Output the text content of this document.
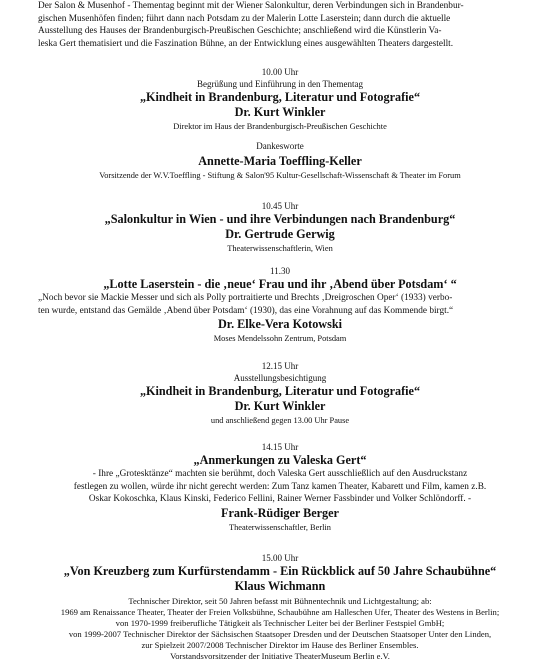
Der Salon & Musenhof - Thementag beginnt mit der Wiener Salonkultur, deren Verbindungen sich in Brandenbur-
gischen Musenhöfen finden; führt dann nach Potsdam zu der Malerin Lotte Laserstein; dann durch die aktuelle
Ausstellung des Hauses der Brandenburgisch-Preußischen Geschichte; anschließend wird die Künstlerin Va-
leska Gert thematisiert und die Faszination Bühne, an der Entwicklung eines ausgewählten Theaters dargestellt.
10.00 Uhr
Begrüßung und Einführung in den Thementag
„Kindheit in Brandenburg, Literatur und Fotografie“
Dr. Kurt Winkler
Direktor im Haus der Brandenburgisch-Preußischen Geschichte
Dankesworte
Annette-Maria Toeffling-Keller
Vorsitzende der W.V.Toeffling - Stiftung & Salon'95 Kultur-Gesellschaft-Wissenschaft & Theater im Forum
10.45 Uhr
„Salonkultur in Wien - und ihre Verbindungen nach Brandenburg“
Dr. Gertrude Gerwig
Theaterwissenschaftlerin, Wien
11.30
„Lotte Laserstein - die ‚neue‘ Frau und ihr ‚Abend über Potsdam‘ “
„Noch bevor sie Mackie Messer und sich als Polly portraitierte und Brechts ‚Dreigroschen Oper‘ (1933) verbo-
ten wurde, entstand das Gemälde ‚Abend über Potsdam‘ (1930), das eine Vorahnung auf das Kommende birgt.“
Dr. Elke-Vera Kotowski
Moses Mendelssohn Zentrum, Potsdam
12.15 Uhr
Ausstellungsbesichtigung
„Kindheit in Brandenburg, Literatur und Fotografie“
Dr. Kurt Winkler
und anschließend gegen 13.00 Uhr Pause
14.15 Uhr
„Anmerkungen zu Valeska Gert“
- Ihre „Grotesktänze“ machten sie berühmt, doch Valeska Gert ausschließlich auf den Ausdruckstanz
festlegen zu wollen, würde ihr nicht gerecht werden: Zum Tanz kamen Theater, Kabarett und Film, kamen z.B.
Oskar Kokoschka, Klaus Kinski, Federico Fellini, Rainer Werner Fassbinder und Volker Schlöndorff. -
Frank-Rüdiger Berger
Theaterwissenschaftler, Berlin
15.00 Uhr
„Von Kreuzberg zum Kurfürstendamm - Ein Rückblick auf 50 Jahre Schaubühne“
Klaus Wichmann
Technischer Direktor, seit 50 Jahren befasst mit Bühnentechnik und Lichtgestaltung; ab:
1969 am Renaissance Theater, Theater der Freien Volksbühne, Schaubühne am Halleschen Ufer, Theater des Westens in Berlin;
von 1970-1999 freiberufliche Tätigkeit als Technischer Leiter bei der Berliner Festspiel GmbH;
von 1999-2007 Technischer Direktor der Sächsischen Staatsoper Dresden und der Deutschen Staatsoper Unter den Linden,
zur Spielzeit 2007/2008 Technischer Direktor im Hause des Berliner Ensembles.
Vorstandsvorsitzender der Initiative TheaterMuseum Berlin e.V.
